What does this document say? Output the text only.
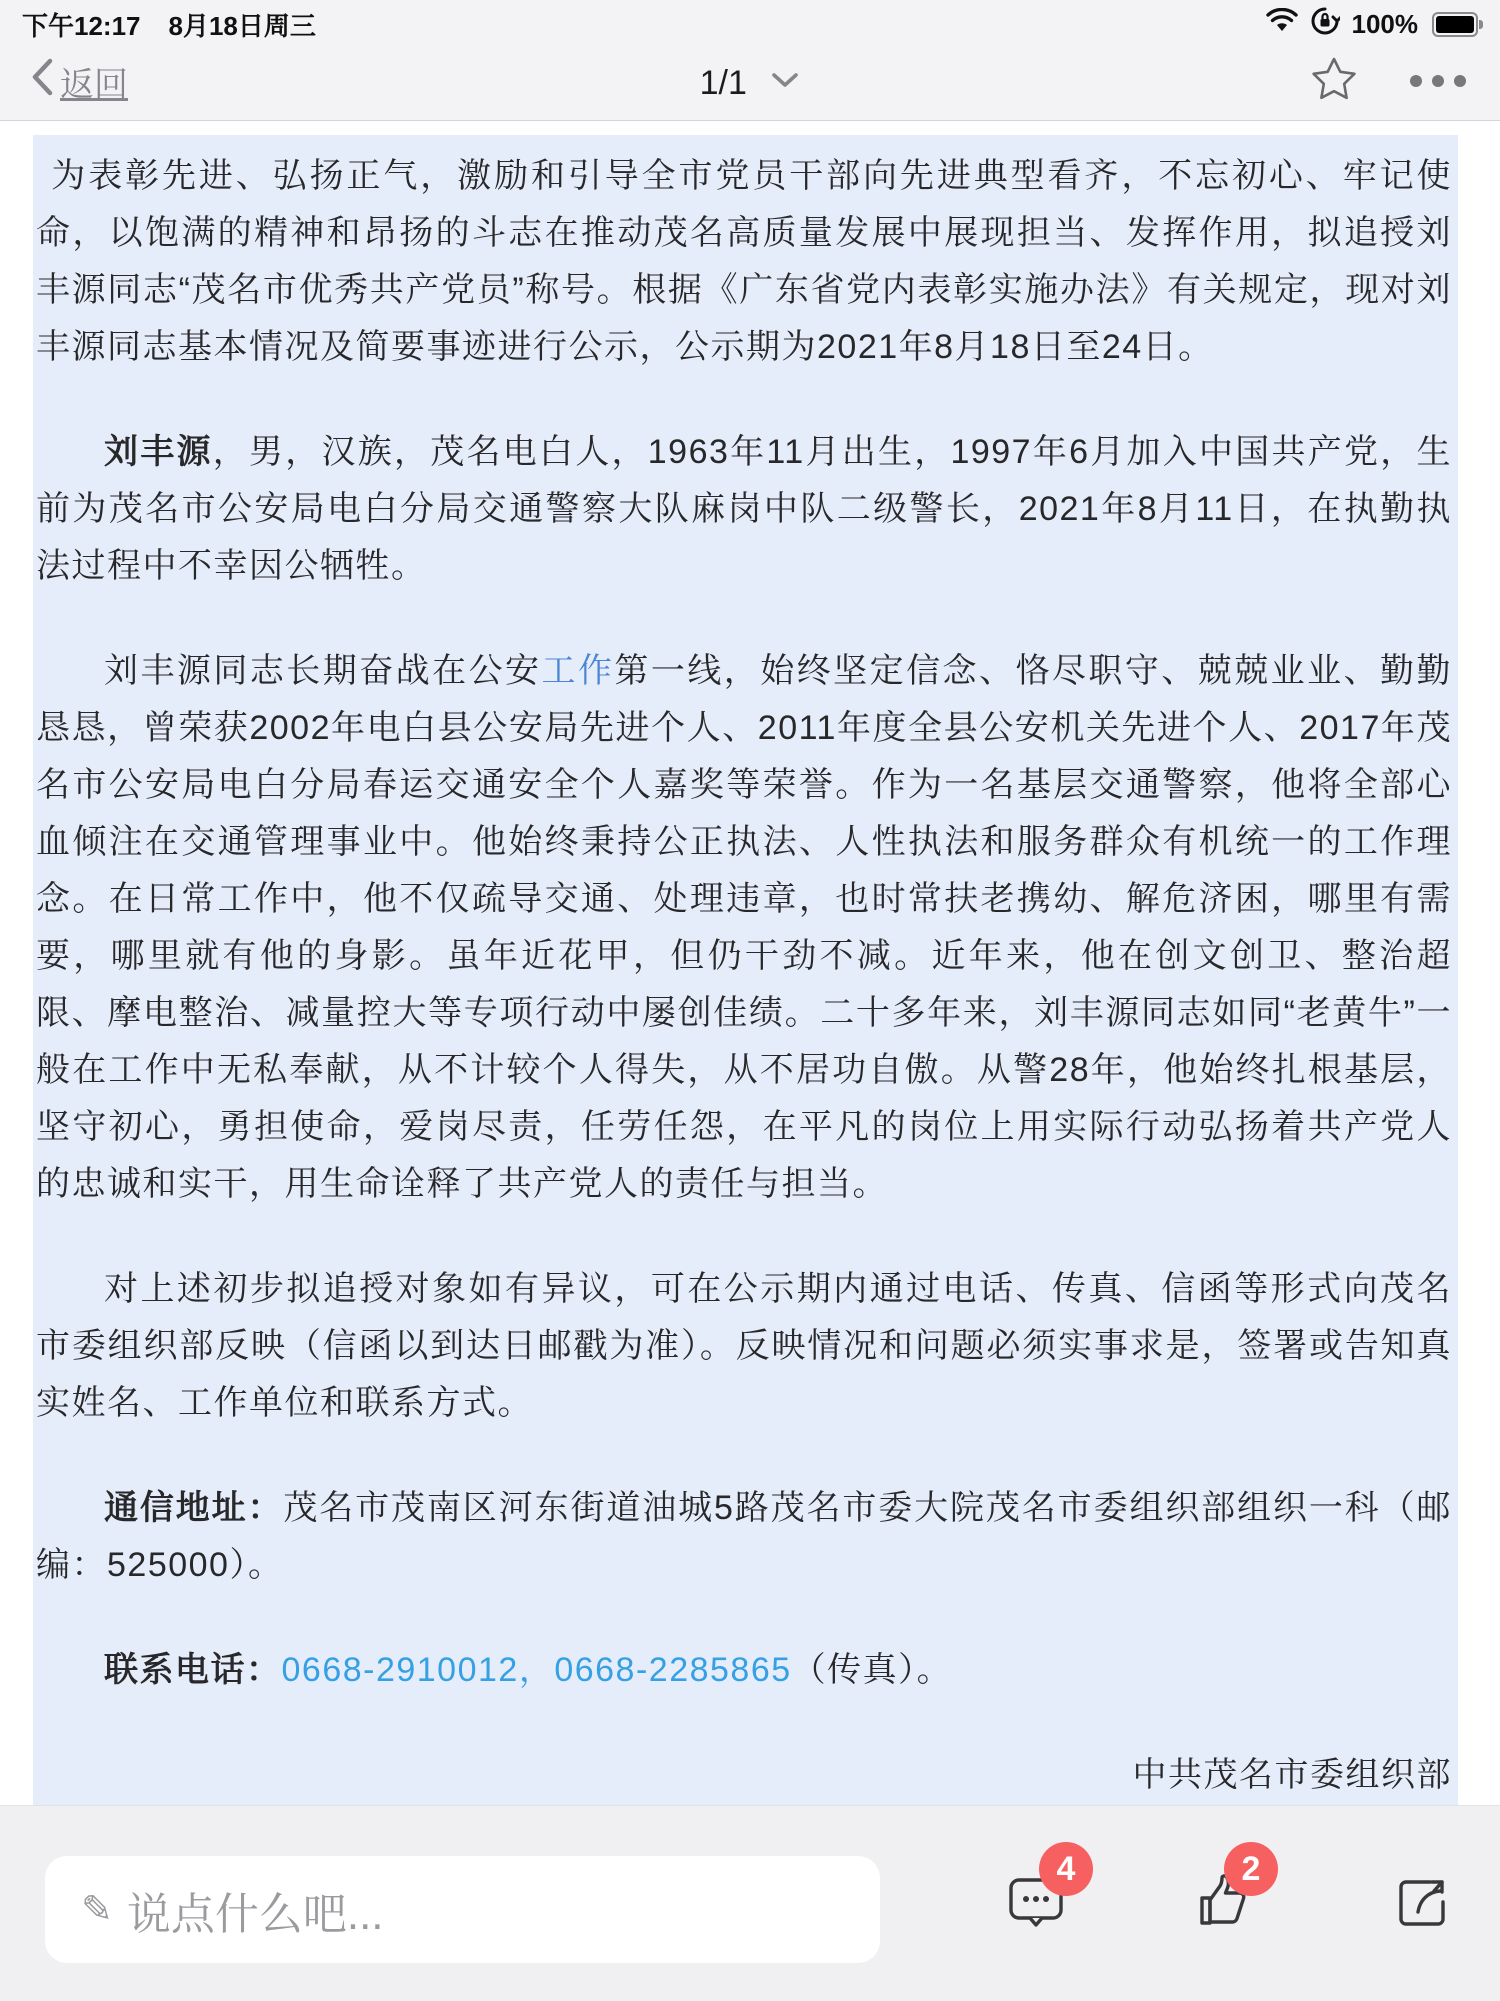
下午12:17 8月18日周三	100%
返回	1/1

为表彰先进、弘扬正气，激励和引导全市党员干部向先进典型看齐，不忘初心、牢记使命，以饱满的精神和昂扬的斗志在推动茂名高质量发展中展现担当、发挥作用，拟追授刘丰源同志“茂名市优秀共产党员”称号。根据《广东省党内表彰实施办法》有关规定，现对刘丰源同志基本情况及简要事迹进行公示，公示期为2021年8月18日至24日。

刘丰源，男，汉族，茂名电白人，1963年11月出生，1997年6月加入中国共产党，生前为茂名市公安局电白分局交通警察大队麻岗中队二级警长，2021年8月11日，在执勤执法过程中不幸因公牺牲。

刘丰源同志长期奋战在公安工作第一线，始终坚定信念、恪尽职守、兢兢业业、勤勤恳恳，曾荣获2002年电白县公安局先进个人、2011年度全县公安机关先进个人、2017年茂名市公安局电白分局春运交通安全个人嘉奖等荣誉。作为一名基层交通警察，他将全部心血倾注在交通管理事业中。他始终秉持公正执法、人性执法和服务群众有机统一的工作理念。在日常工作中，他不仅疏导交通、处理违章，也时常扶老携幼、解危济困，哪里有需要，哪里就有他的身影。虽年近花甲，但仍干劲不减。近年来，他在创文创卫、整治超限、摩电整治、减量控大等专项行动中屡创佳绩。二十多年来，刘丰源同志如同“老黄牛”一般在工作中无私奉献，从不计较个人得失，从不居功自傲。从警28年，他始终扎根基层，坚守初心，勇担使命，爱岗尽责，任劳任怨，在平凡的岗位上用实际行动弘扬着共产党人的忠诚和实干，用生命诠释了共产党人的责任与担当。

对上述初步拟追授对象如有异议，可在公示期内通过电话、传真、信函等形式向茂名市委组织部反映（信函以到达日邮戳为准）。反映情况和问题必须实事求是，签署或告知真实姓名、工作单位和联系方式。

通信地址：茂名市茂南区河东街道油城5路茂名市委大院茂名市委组织部组织一科（邮编：525000）。

联系电话：0668-2910012，0668-2285865（传真）。

中共茂名市委组织部

✎ 说点什么吧...
4	2
